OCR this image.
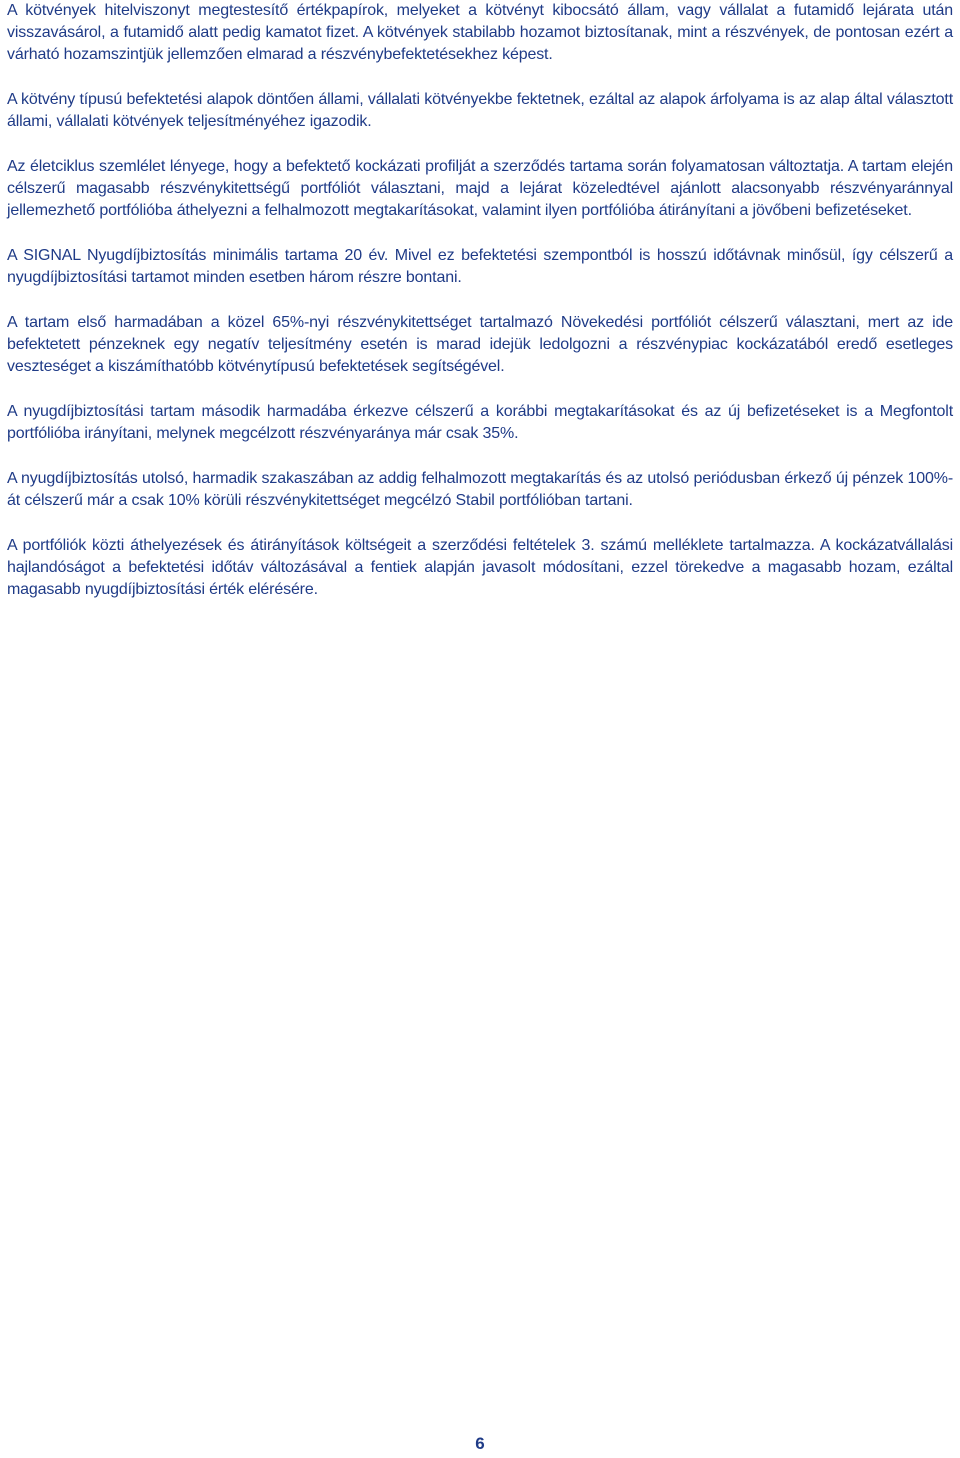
A kötvények hitelviszonyt megtestesítő értékpapírok, melyeket a kötvényt kibocsátó állam, vagy vállalat a futamidő lejárata után visszavásárol, a futamidő alatt pedig kamatot fizet. A kötvények stabilabb hozamot biztosítanak, mint a részvények, de pontosan ezért a várható hozamszintjük jellemzően elmarad a részvénybefektetésekhez képest.

A kötvény típusú befektetési alapok döntően állami, vállalati kötvényekbe fektetnek, ezáltal az alapok árfolyama is az alap által választott állami, vállalati kötvények teljesítményéhez igazodik.

Az életciklus szemlélet lényege, hogy a befektető kockázati profilját a szerződés tartama során folyamatosan változtatja. A tartam elején célszerű magasabb részvénykitettségű portfóliót választani, majd a lejárat közeledtével ajánlott alacsonyabb részvényaránnyal jellemezhető portfólióba áthelyezni a felhalmozott megtakarításokat, valamint ilyen portfólióba átirányítani a jövőbeni befizetéseket.

A SIGNAL Nyugdíjbiztosítás minimális tartama 20 év. Mivel ez befektetési szempontból is hosszú időtávnak minősül, így célszerű a nyugdíjbiztosítási tartamot minden esetben három részre bontani.

A tartam első harmadában a közel 65%-nyi részvénykitettséget tartalmazó Növekedési portfóliót célszerű választani, mert az ide befektetett pénzeknek egy negatív teljesítmény esetén is marad idejük ledolgozni a részvénypiac kockázatából eredő esetleges veszteséget a kiszámíthatóbb kötvénytípusú befektetések segítségével.

A nyugdíjbiztosítási tartam második harmadába érkezve célszerű a korábbi megtakarításokat és az új befizetéseket is a Megfontolt portfólióba irányítani, melynek megcélzott részvényaránya már csak 35%.

A nyugdíjbiztosítás utolsó, harmadik szakaszában az addig felhalmozott megtakarítás és az utolsó periódusban érkező új pénzek 100%-át célszerű már a csak 10% körüli részvénykitettséget megcélzó Stabil portfólióban tartani.

A portfóliók közti áthelyezések és átirányítások költségeit a szerződési feltételek 3. számú melléklete tartalmazza. A kockázatvállalási hajlandóságot a befektetési időtáv változásával a fentiek alapján javasolt módosítani, ezzel törekedve a magasabb hozam, ezáltal magasabb nyugdíjbiztosítási érték elérésére.

6
